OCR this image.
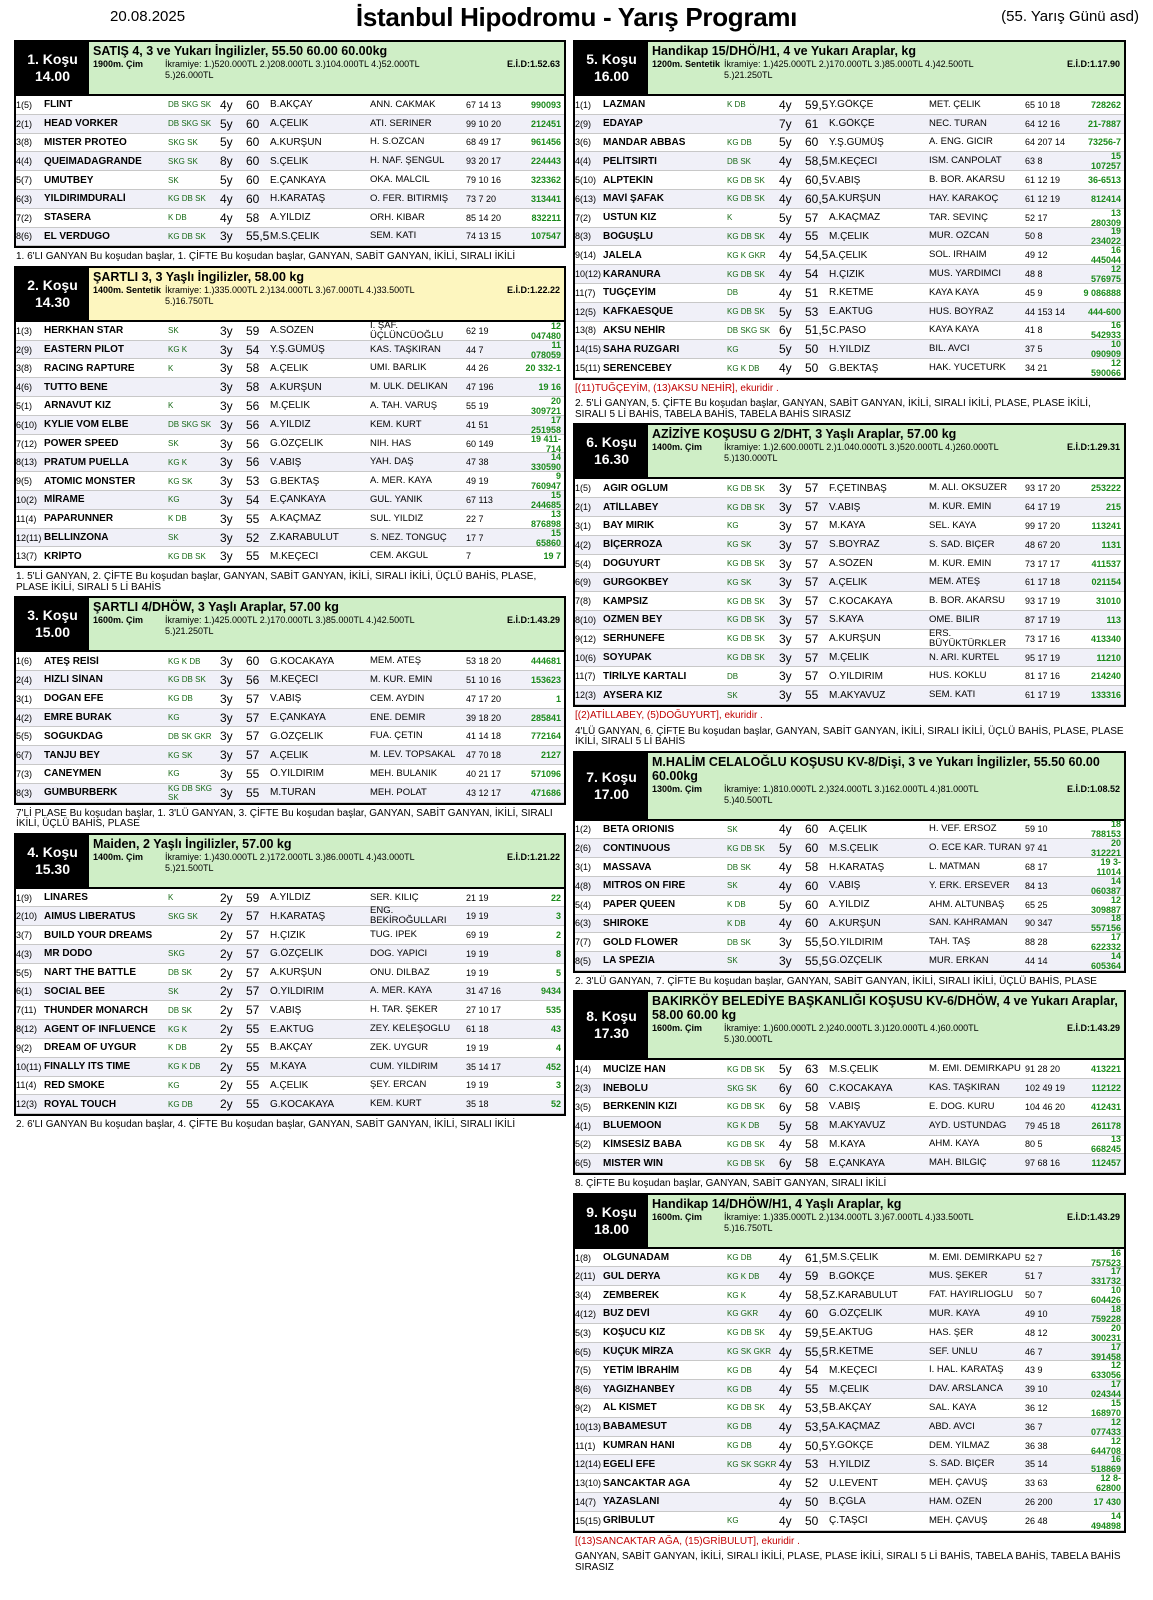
20.08.2025	İstanbul Hipodromu - Yarış Programı	(55. Yarış Günü asd)
1. Koşu
14.00
SATIŞ 4, 3 ve Yukarı İngilizler, 55.50 60.00 60.00kg
1900m. Çim	İkramiye: 1.)520.000TL 2.)208.000TL 3.)104.000TL 4.)52.000TL	E.İ.D:1.52.63
5.)26.000TL
1(5)	FLINT	DB SKG SK 4y	60	B.AKÇAY	ANN. CAKMAK	67 14 13	990093
2(1)	HEAD VORKER	DB SKG SK 5y	60	A.ÇELİK	ATİ. SERİNER	99 10 20	212451
3(8)	MISTER PROTEO	SKG SK	5y	60	A.KURŞUN	H. S.ÖZCAN	68 49 17	961456
4(4)	QUEIMADAGRANDE	SKG SK	8y	60	S.ÇELİK	H. NAF. ŞENGÜL	93 20 17	224443
5(7)	UMUTBEY	SK	5y	60	E.ÇANKAYA	OKA. MALCIL	79 10 16	323362
6(3)	YILDIRIMDURALİ	KG DB SK	4y	60	H.KARATAŞ	O. FER. BİTİRMİŞ	73 7 20	313441
7(2)	STASERA	K DB	4y	58	A.YILDIZ	ORH. KİBAR	85 14 20	832211
8(6)	EL VERDUGO	KG DB SK	3y	55,5 M.S.ÇELİK	SEM. KATI	74 13 15	107547
1. 6'LI GANYAN Bu koşudan başlar, 1. ÇİFTE Bu koşudan başlar, GANYAN, SABİT GANYAN, İKİLİ, SIRALI İKİLİ
2. Koşu
14.30
ŞARTLI 3, 3 Yaşlı İngilizler, 58.00 kg
1400m. Sentetik İkramiye: 1.)335.000TL 2.)134.000TL 3.)67.000TL 4.)33.500TL	E.İ.D:1.22.22
5.)16.750TL
1(3)	HERKHAN STAR	SK	3y	59	A.SÖZEN	İ. ŞAF. ÜÇLÜNCÜOĞLU	62 19	12 047480
2(9)	EASTERN PILOT	KG K	3y	54	Y.Ş.GÜMÜŞ	KAS. TAŞKIRAN	44 7	11 078059
3(8)	RACING RAPTURE	K	3y	58	A.ÇELİK	ÜMİ. BARLIK	44 26	20 332-1
4(6)	TUTTO BENE	3y	58	A.KURŞUN	M. ÜLK. DELİKAN	47 196	19 16
5(1)	ARNAVUT KIZ	K	3y	56	M.ÇELİK	A. TAH. VARUŞ	55 19	20 309721
6(10) KYLIE VOM ELBE	DB SKG SK 3y	56	A.YILDIZ	KEM. KURT	41 51	17 251958
7(12) POWER SPEED	SK	3y	56	G.ÖZÇELİK	NİH. HAS	60 149	19 411-714
8(13) PRATUM PUELLA	KG K	3y	56	V.ABİŞ	YAH. DAŞ	47 38	14 330590
9(5)	ATOMIC MONSTER	KG SK	3y	53	G.BEKTAŞ	A. MER. KAYA	49 19	9 760947
10(2) MİRAME	KG	3y	54	E.ÇANKAYA	GÜL. YANIK	67 113	15 244685
11(4) PAPARUNNER	K DB	3y	55	A.KAÇMAZ	SUL. YILDIZ	22 7	13 876898
12(11) BELLINZONA	SK	3y	52	Z.KARABULUT	S. NEZ. TONGUÇ	17 7	15 65860
13(7) KRİPTO	KG DB SK	3y	55	M.KEÇECİ	CEM. AKGÜL	7	19 7
1. 5'Lİ GANYAN, 2. ÇİFTE Bu koşudan başlar, GANYAN, SABİT GANYAN, İKİLİ, SIRALI İKİLİ, ÜÇLÜ BAHİS, PLASE, PLASE İKİLİ, SIRALI 5 Lİ BAHİS
3. Koşu
15.00
ŞARTLI 4/DHÖW, 3 Yaşlı Araplar, 57.00 kg
1600m. Çim	İkramiye: 1.)425.000TL 2.)170.000TL 3.)85.000TL 4.)42.500TL	E.İ.D:1.43.29
5.)21.250TL
1(6)	ATEŞ REİSİ	KG K DB	3y	60	G.KOCAKAYA	MEM. ATEŞ	53 18 20	444681
2(4)	HIZLI SİNAN	KG DB SK	3y	56	M.KEÇECİ	M. KUR. EMİN	51 10 16	153623
3(1)	DOĞAN EFE	KG DB	3y	57	V.ABİŞ	CEM. AYDIN	47 17 20	1
4(2)	EMRE BURAK	KG	3y	57	E.ÇANKAYA	ENE. DEMİR	39 18 20	285841
5(5)	SOĞUKDAĞ	DB SK GKR 3y	57	G.ÖZÇELİK	FUA. ÇETİN	41 14 18	772164
6(7)	TANJU BEY	KG SK	3y	57	A.ÇELİK	M. LEV. TOPSAKAL	47 70 18	2127
7(3)	CANEYMEN	KG	3y	55	Ö.YILDIRIM	MEH. BULANIK	40 21 17	571096
8(3)	GÜMBÜRBERK	KG DB SKG SK	3y	55	M.TURAN	MEH. POLAT	43 12 17	471686
7'Lİ PLASE Bu koşudan başlar, 1. 3'LÜ GANYAN, 3. ÇİFTE Bu koşudan başlar, GANYAN, SABİT GANYAN, İKİLİ, SIRALI İKİLİ, ÜÇLÜ BAHİS, PLASE
4. Koşu
15.30
Maiden, 2 Yaşlı İngilizler, 57.00 kg
1400m. Çim	İkramiye: 1.)430.000TL 2.)172.000TL 3.)86.000TL 4.)43.000TL	E.İ.D:1.21.22
5.)21.500TL
1(9)	LINARES	K	2y	59	A.YILDIZ	SER. KILIÇ	21 19	22
2(10) AIMUS LIBERATUS	SKG SK	2y	57	H.KARATAŞ	ENG. BEKİROĞULLARI	19 19	3
3(7)	BUILD YOUR DREAMS	2y	57	H.ÇİZİK	TUĞ. İPEK	69 19	2
4(3)	MR DODO	SKG	2y	57	G.ÖZÇELİK	DOĞ. YAPICI	19 19	8
5(5)	NART THE BATTLE	DB SK	2y	57	A.KURŞUN	ONU. DİLBAZ	19 19	5
6(1)	SOCIAL BEE	SK	2y	57	Ö.YILDIRIM	A. MER. KAYA	31 47 16	9434
7(11) THUNDER MONARCH	DB SK	2y	57	V.ABİŞ	H. TAR. ŞEKER	27 10 17	535
8(12) AGENT OF INFLUENCE	KG K	2y	55	E.AKTUĞ	ZEY. KELEŞOĞLU	61 18	43
9(2)	DREAM OF UYGUR	K DB	2y	55	B.AKÇAY	ZEK. UYGUR	19 19	4
10(11) FINALLY ITS TIME	KG K DB	2y	55	M.KAYA	CUM. YILDIRIM	35 14 17	452
11(4) RED SMOKE	KG	2y	55	A.ÇELİK	ŞEY. ERCAN	19 19	3
12(3) ROYAL TOUCH	KG DB	2y	55	G.KOCAKAYA	KEM. KURT	35 18	52
2. 6'LI GANYAN Bu koşudan başlar, 4. ÇİFTE Bu koşudan başlar, GANYAN, SABİT GANYAN, İKİLİ, SIRALI İKİLİ
5. Koşu
16.00
Handikap 15/DHÖ/H1, 4 ve Yukarı Araplar, kg
1200m. Sentetik İkramiye: 1.)425.000TL 2.)170.000TL 3.)85.000TL 4.)42.500TL	E.İ.D:1.17.90
5.)21.250TL
1(1)	LAZMAN	K DB	4y	59,5 Y.GÖKÇE	MET. ÇELİK	65 10 18	728262
2(9)	EDAYAP	7y	61	K.GÖKÇE	NEC. TURAN	64 12 16	21-7887
3(6)	MANDAR ABBAS	KG DB	5y	60	Y.Ş.GÜMÜŞ	A. ENG. GİCİR	64 207 14	73256-7
4(4)	PELİTSIRTI	DB SK	4y	58,5 M.KEÇECİ	İSM. CANPOLAT	63 8	15 107257
5(10) ALPTEKİN	KG DB SK	4y	60,5 V.ABİŞ	B. BOR. AKARSU	61 12 19	36-6513
6(13) MAVİ ŞAFAK	KG DB SK	4y	60,5 A.KURŞUN	HAY. KARAKOÇ	61 12 19	812414
7(2)	ÜSTÜN KIZ	K	5y	57	A.KAÇMAZ	TAR. SEVİNÇ	52 17	13 280309
8(3)	BOĞUŞLU	KG DB SK	4y	55	M.ÇELİK	MUR. ÖZCAN	50 8	19 234022
9(14) JALELA	KG K GKR	4y	54,5 A.ÇELİK	SOL. IRHAİM	49 12	16 445044
10(12) KARANURA	KG DB SK	4y	54	H.ÇİZİK	MUS. YARDIMCI	48 8	12 576975
11(7) TUĞÇEYİM	DB	4y	51	R.KETME	KAYA KAYA	45 9	9 086888
12(5) KAFKAESQUE	KG DB SK	5y	53	E.AKTUĞ	HÜS. BOYRAZ	44 153 14	444-600
13(8) AKSU NEHİR	DB SKG SK 6y	51,5 C.PASO	KAYA KAYA	41 8	16 542933
14(15) SAHA RÜZGARI	KG	5y	50	H.YILDIZ	BİL. AVCI	37 5	10 090909
15(11) SERENCEBEY	KG K DB	4y	50	G.BEKTAŞ	HAK. YÜCETÜRK	34 21	12 590066
[(11)TUĞÇEYİM, (13)AKSU NEHİR], ekuridir .
2. 5'Lİ GANYAN, 5. ÇİFTE Bu koşudan başlar, GANYAN, SABİT GANYAN, İKİLİ, SIRALI İKİLİ, PLASE, PLASE İKİLİ, SIRALI 5 Lİ BAHİS, TABELA BAHİS, TABELA BAHİS SIRASIZ
6. Koşu
16.30
AZİZİYE KOŞUSU G 2/DHT, 3 Yaşlı Araplar, 57.00 kg
1400m. Çim	İkramiye: 1.)2.600.000TL 2.)1.040.000TL 3.)520.000TL 4.)260.000TL	E.İ.D:1.29.31
5.)130.000TL
1(5)	AĞIR OĞLUM	KG DB SK	3y	57	F.ÇETİNBAŞ	M. ALİ. ÖKSÜZER	93 17 20	253222
2(1)	ATİLLABEY	KG DB SK	3y	57	V.ABİŞ	M. KUR. EMİN	64 17 19	215
3(1)	BAY MIRIK	KG	3y	57	M.KAYA	SEL. KAYA	99 17 20	113241
4(2)	BİÇERROZA	KG SK	3y	57	S.BOYRAZ	S. SAD. BİÇER	48 67 20	1131
5(4)	DOĞUYURT	KG DB SK	3y	57	A.SÖZEN	M. KUR. EMİN	73 17 17	411537
6(9)	GÜRGÖKBEY	KG SK	3y	57	A.ÇELİK	MEM. ATEŞ	61 17 18	021154
7(8)	KAMPSIZ	KG DB SK	3y	57	C.KOCAKAYA	B. BOR. AKARSU	93 17 19	31010
8(10) ÖZMEN BEY	KG DB SK	3y	57	S.KAYA	ÖME. BİLİR	87 17 19	113
9(12) SERHUNEFE	KG DB SK	3y	57	A.KURŞUN	ERS. BÜYÜKTÜRKLER	73 17 16	413340
10(6) SOYUPAK	KG DB SK	3y	57	M.ÇELİK	N. ARİ. KURTEL	95 17 19	11210
11(7) TİRİLYE KARTALI	DB	3y	57	Ö.YILDIRIM	HÜS. KÖKLÜ	81 17 16	214240
12(3) AYSERA KIZ	SK	3y	55	M.AKYAVUZ	SEM. KATI	61 17 19	133316
[(2)ATİLLABEY, (5)DOĞUYURT], ekuridir .
4'LÜ GANYAN, 6. ÇİFTE Bu koşudan başlar, GANYAN, SABİT GANYAN, İKİLİ, SIRALI İKİLİ, ÜÇLÜ BAHİS, PLASE, PLASE İKİLİ, SIRALI 5 Lİ BAHİS
7. Koşu
17.00
M.HALİM CELALOĞLU KOŞUSU KV-8/Dişi, 3 ve Yukarı İngilizler, 55.50 60.00 60.00kg
1300m. Çim	İkramiye: 1.)810.000TL 2.)324.000TL 3.)162.000TL 4.)81.000TL	E.İ.D:1.08.52
5.)40.500TL
1(2)	BETA ORIONIS	SK	4y	60	A.ÇELİK	H. VEF. ERSÖZ	59 10	18 788153
2(6)	CONTINUOUS	KG DB SK	5y	60	M.S.ÇELİK	Ö. ECE KAR. TURAN 97 41	20 312221
3(1)	MASSAVA	DB SK	4y	58	H.KARATAŞ	L. MATMAN	68 17	19 3-11014
4(8)	MITROS ON FIRE	SK	4y	60	V.ABİŞ	Y. ERK. ERSEVER	84 13	14 060387
5(4)	PAPER QUEEN	K DB	5y	60	A.YILDIZ	AHM. ALTUNBAŞ	65 25	12 309887
6(3)	SHIROKE	K DB	4y	60	A.KURŞUN	SAN. KAHRAMAN	90 347	18 557156
7(7)	GOLD FLOWER	DB SK	3y	55,5 Ö.YILDIRIM	TAH. TAŞ	88 28	17 622332
8(5)	LA SPEZIA	SK	3y	55,5 G.ÖZÇELİK	MUR. ERKAN	44 14	14 605364
2. 3'LÜ GANYAN, 7. ÇİFTE Bu koşudan başlar, GANYAN, SABİT GANYAN, İKİLİ, SIRALI İKİLİ, ÜÇLÜ BAHİS, PLASE
8. Koşu
17.30
BAKIRKÖY BELEDİYE BAŞKANLIĞI KOŞUSU KV-6/DHÖW, 4 ve Yukarı Araplar, 58.00 60.00 kg
1600m. Çim	İkramiye: 1.)600.000TL 2.)240.000TL 3.)120.000TL 4.)60.000TL	E.İ.D:1.43.29
5.)30.000TL
1(4)	MUCİZE HAN	KG DB SK	5y	63	M.S.ÇELİK	M. EMİ. DEMİRKAPU 91 28 20	413221
2(3)	İNEBOLU	SKG SK	6y	60	C.KOCAKAYA	KAS. TAŞKIRAN	102 49 19	112122
3(5)	BERKENİN KIZI	KG DB SK	6y	58	V.ABİŞ	E. DOĞ. KURU	104 46 20	412431
4(1)	BLUEMOON	KG K DB	5y	58	M.AKYAVUZ	AYD. ÜSTÜNDAĞ	79 45 18	261178
5(2)	KİMSESİZ BABA	KG DB SK	4y	58	M.KAYA	AHM. KAYA	80 5	13 668245
6(5)	MISTER WIN	KG DB SK	6y	58	E.ÇANKAYA	MAH. BİLGİÇ	97 68 16	112457
8. ÇİFTE Bu koşudan başlar, GANYAN, SABİT GANYAN, SIRALI İKİLİ
9. Koşu
18.00
Handikap 14/DHÖW/H1, 4 Yaşlı Araplar, kg
1600m. Çim	İkramiye: 1.)335.000TL 2.)134.000TL 3.)67.000TL 4.)33.500TL	E.İ.D:1.43.29
5.)16.750TL
1(8)	OLGUNADAM	KG DB	4y	61,5 M.S.ÇELİK	M. EMİ. DEMİRKAPU 52 7	16 757523
2(11) GÜL DERYA	KG K DB	4y	59	B.GÖKÇE	MÜS. ŞEKER	51 7	17 331732
3(4)	ZEMBEREK	KG K	4y	58,5 Z.KARABULUT	FAT. HAYIRLIOĞLU	50 7	10 604426
4(12) BUZ DEVİ	KG GKR	4y	60	G.ÖZÇELİK	MUR. KAYA	49 10	18 759228
5(3)	KOŞUCU KIZ	KG DB SK	4y	59,5 E.AKTUĞ	HAS. ŞER	48 12	20 300231
6(5)	KÜÇÜK MİRZA	KG SK GKR 4y	55,5 R.KETME	SEF. ÜNLÜ	46 7	17 391458
7(5)	YETİM İBRAHİM	KG DB	4y	54	M.KEÇECİ	İ. HAL. KARATAŞ	43 9	12 633056
8(6)	YAĞIZHANBEY	KG DB	4y	55	M.ÇELİK	DAV. ARSLANCA	39 10	17 024344
9(2)	AL KISMET	KG DB SK	4y	53,5 B.AKÇAY	SAL. KAYA	36 12	15 168970
10(13) BABAMESUT	KG DB	4y	53,5 A.KAÇMAZ	ABD. AVCI	36 7	12 077433
11(1) KUMRAN HANI	KG DB	4y	50,5 Y.GÖKÇE	DEM. YILMAZ	36 38	12 644708
12(14) EGELİ EFE	KG SK SGKR 4y	53	H.YILDIZ	S. SAD. BİÇER	35 14	16 518869
13(10) SANCAKTAR AĞA	4y	52	U.LEVENT	MEH. ÇAVUŞ	33 63	12 8-62800
14(7) YAZASLANI	4y	50	B.ÇĞLA	HAM. ÖZEN	26 200	17 430
15(15) GRİBULUT	KG	4y	50	Ç.TAŞCI	MEH. ÇAVUŞ	26 48	14 494898
[(13)SANCAKTAR AĞA, (15)GRİBULUT], ekuridir .
GANYAN, SABİT GANYAN, İKİLİ, SIRALI İKİLİ, PLASE, PLASE İKİLİ, SIRALI 5 Lİ BAHİS, TABELA BAHİS, TABELA BAHİS SIRASIZ
